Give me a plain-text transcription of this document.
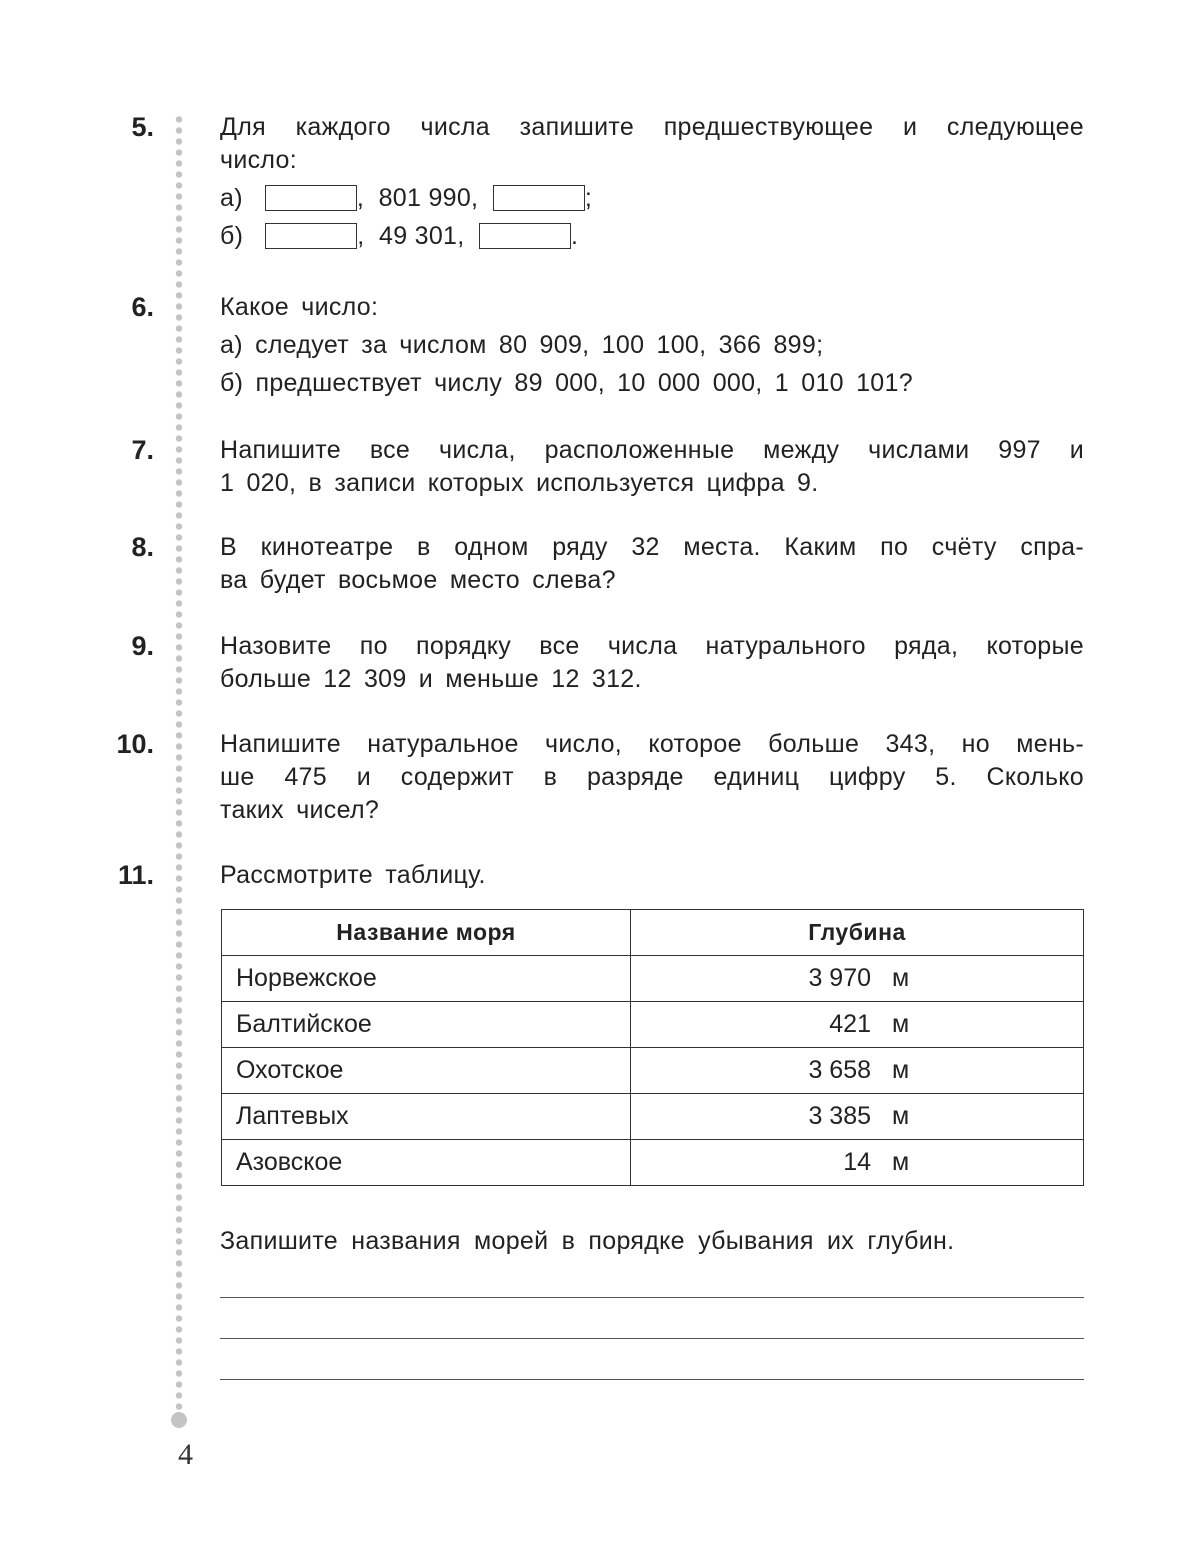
5.	Для каждого числа запишите предшествующее и следующее
число:
а)	, 801 990,
	;
б)	, 49 301,
	.
6.	Какое число:
а) следует за числом 80 909, 100 100, 366 899;
б) предшествует числу 89 000, 10 000 000, 1 010 101?
7.	Напишите все числа, расположенные между числами 997 и
1 020, в записи которых используется цифра 9.
8.	В кинотеатре в одном ряду 32 места. Каким по счёту спра-
ва будет восьмое место слева?
9.	Назовите по порядку все числа натурального ряда, которые
больше 12 309 и меньше 12 312.
10.	Напишите натуральное число, которое больше 343, но мень-
ше 475 и содержит в разряде единиц цифру 5. Сколько
таких чисел?
11.	Рассмотрите таблицу.
Название моря	Глубина
Норвежское	3 970 м

Балтийское	421 м

Охотское	3 658 м

Лаптевых	3 385 м

Азовское	14 м
Запишите названия морей в порядке убывания их глубин.
4
